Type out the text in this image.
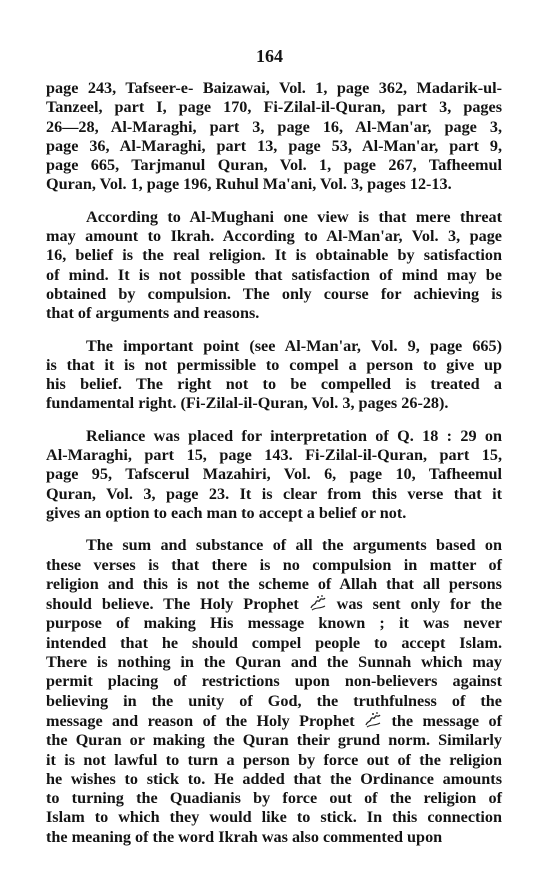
164
page 243, Tafseer-e- Baizawai, Vol. 1, page 362, Madarik-ul-
Tanzeel, part I, page 170, Fi-Zilal-il-Quran, part 3, pages
26—28, Al-Maraghi, part 3, page 16, Al-Man'ar, page 3,
page 36, Al-Maraghi, part 13, page 53, Al-Man'ar, part 9,
page 665, Tarjmanul Quran, Vol. 1, page 267, Tafheemul
Quran, Vol. 1, page 196, Ruhul Ma'ani, Vol. 3, pages 12-13.
According to Al-Mughani one view is that mere threat
may amount to Ikrah. According to Al-Man'ar, Vol. 3, page
16, belief is the real religion. It is obtainable by satisfaction
of mind. It is not possible that satisfaction of mind may be
obtained by compulsion. The only course for achieving is
that of arguments and reasons.
The important point (see Al-Man'ar, Vol. 9, page 665)
is that it is not permissible to compel a person to give up
his belief. The right not to be compelled is treated a
fundamental right. (Fi-Zilal-il-Quran, Vol. 3, pages 26-28).
Reliance was placed for interpretation of Q. 18 : 29 on
Al-Maraghi, part 15, page 143. Fi-Zilal-il-Quran, part 15,
page 95, Tafscerul Mazahiri, Vol. 6, page 10, Tafheemul
Quran, Vol. 3, page 23. It is clear from this verse that it
gives an option to each man to accept a belief or not.
The sum and substance of all the arguments based on
these verses is that there is no compulsion in matter of
religion and this is not the scheme of Allah that all persons
should believe. The Holy Prophet  was sent only for the
purpose of making His message known ; it was never
intended that he should compel people to accept Islam.
There is nothing in the Quran and the Sunnah which may
permit placing of restrictions upon non-believers against
believing in the unity of God, the truthfulness of the
message and reason of the Holy Prophet  the message of
the Quran or making the Quran their grund norm. Similarly
it is not lawful to turn a person by force out of the religion
he wishes to stick to. He added that the Ordinance amounts
to turning the Quadianis by force out of the religion of
Islam to which they would like to stick. In this connection
the meaning of the word Ikrah was also commented upon
